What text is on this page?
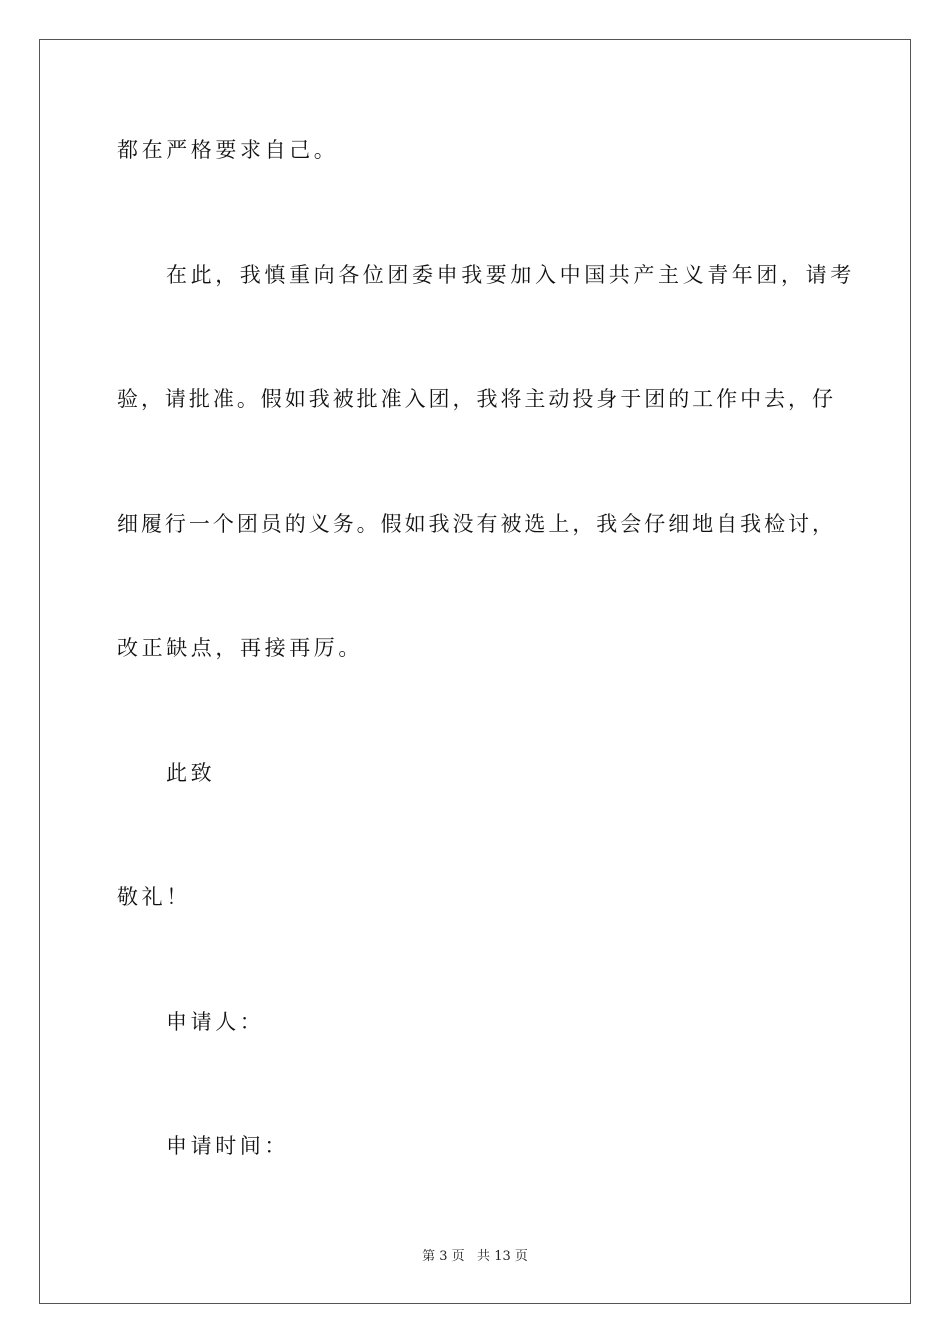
都在严格要求自己。
在此，我慎重向各位团委申我要加入中国共产主义青年团，请考
验，请批准。假如我被批准入团，我将主动投身于团的工作中去，仔
细履行一个团员的义务。假如我没有被选上，我会仔细地自我检讨，
改正缺点，再接再厉。
此致
敬礼！
申请人：
申请时间：
第 3 页   共 13 页
